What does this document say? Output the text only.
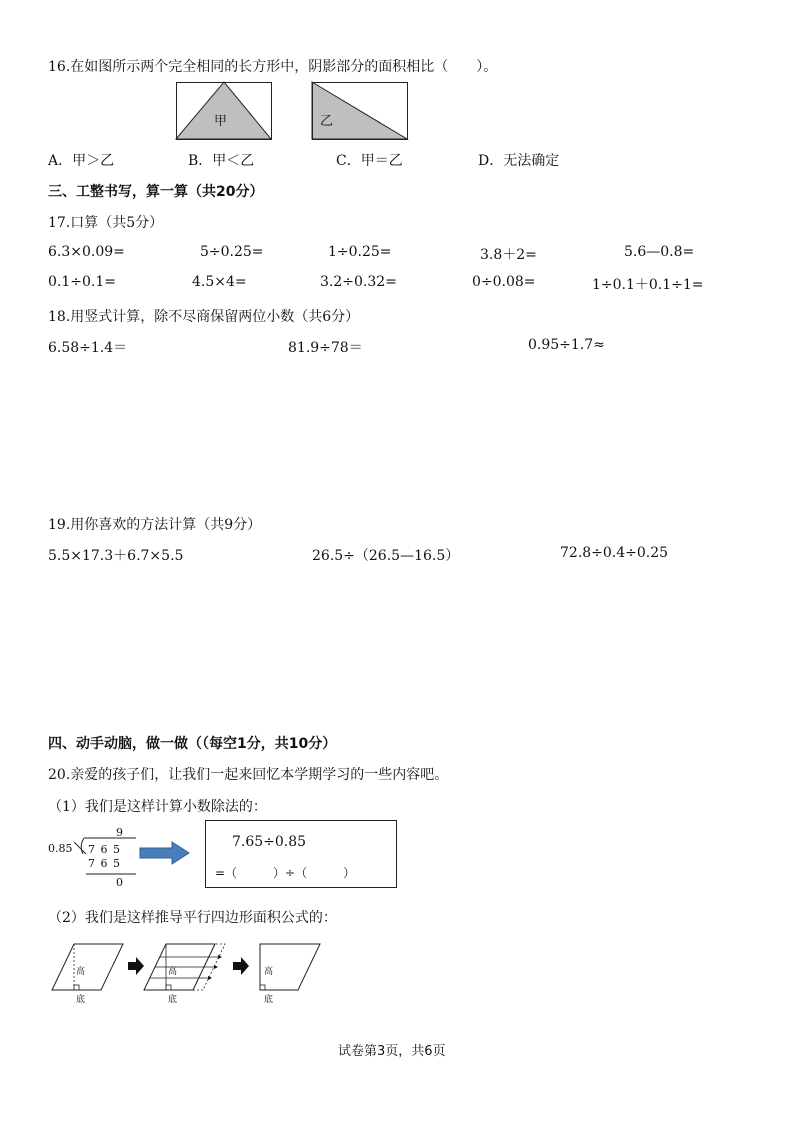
16.在如图所示两个完全相同的长方形中，阴影部分的面积相比（　　）。
甲	乙
A．甲＞乙	B．甲＜乙	C．甲＝乙	D．无法确定
三、工整书写，算一算（共20分）
17.口算（共5分）
6.3×0.09=	5÷0.25=	1÷0.25=	3.8＋2=	5.6—0.8=
0.1÷0.1=	4.5×4=	3.2÷0.32=	0÷0.08=	1÷0.1＋0.1÷1=
18.用竖式计算，除不尽商保留两位小数（共6分）
6.58÷1.4＝	81.9÷78＝	0.95÷1.7≈
19.用你喜欢的方法计算（共9分）
5.5×17.3＋6.7×5.5	26.5÷（26.5—16.5）	72.8÷0.4÷0.25
四、动手动脑，做一做（（每空1分，共10分）
20.亲爱的孩子们，让我们一起来回忆本学期学习的一些内容吧。
（1）我们是这样计算小数除法的：
9
0.85 7 6 5
7 6 5
0
7.65÷0.85
=（　　　）÷（　　　）
（2）我们是这样推导平行四边形面积公式的：
高
底
高
底
高
底
试卷第3页，共6页
